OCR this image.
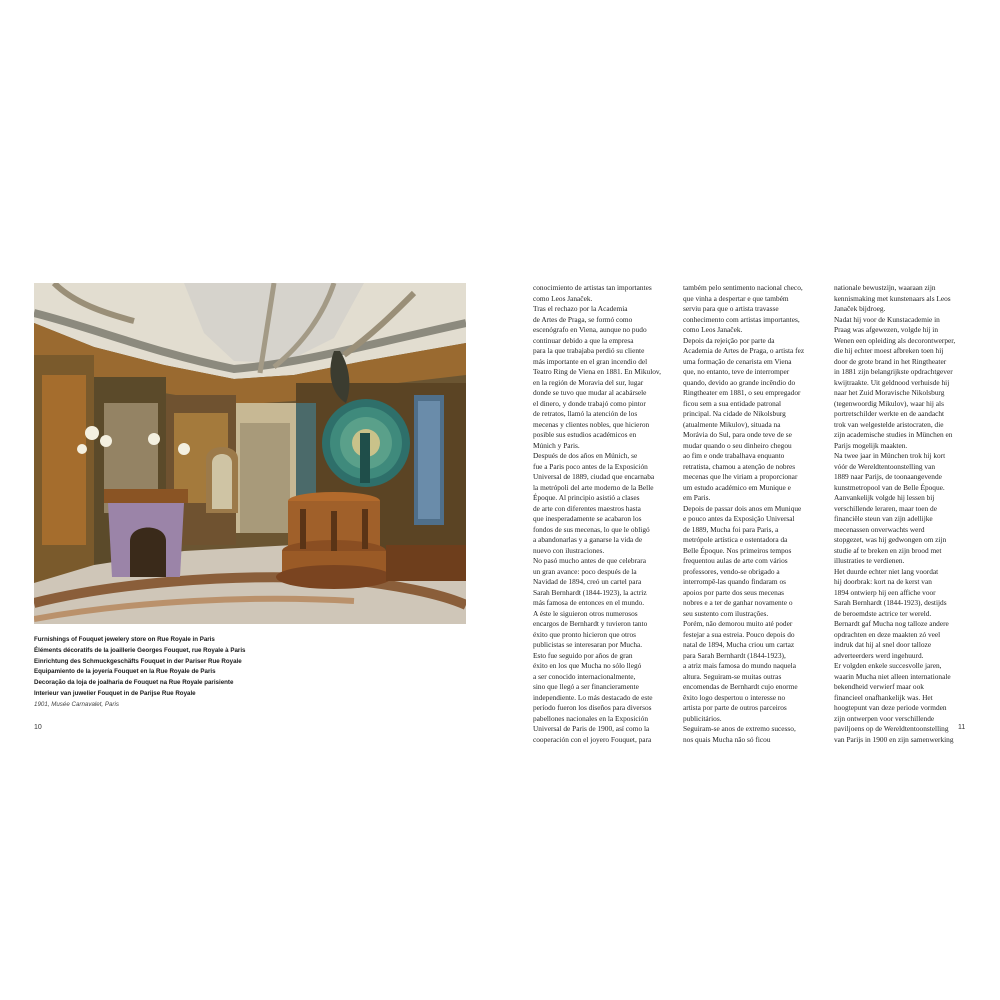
Furnishings of Fouquet jewelery store on Rue Royale in Paris
Éléments décoratifs de la joaillerie Georges Fouquet, rue Royale à Paris
Einrichtung des Schmuckgeschäfts Fouquet in der Pariser Rue Royale
Equipamiento de la joyería Fouquet en la Rue Royale de Paris
Decoração da loja de joalharia de Fouquet na Rue Royale parisiente
Interieur van juwelier Fouquet in de Parijse Rue Royale
1901, Musée Carnavalet, Paris
10	11

conocimiento de artistas tan importantes

como Leos Janaček.

Tras el rechazo por la Academia

de Artes de Praga, se formó como

escenógrafo en Viena, aunque no pudo

continuar debido a que la empresa

para la que trabajaba perdió su cliente

más importante en el gran incendio del

Teatro Ring de Viena en 1881. En Mikulov,

en la región de Moravia del sur, lugar

donde se tuvo que mudar al acabársele

el dinero, y donde trabajó como pintor

de retratos, llamó la atención de los

mecenas y clientes nobles, que hicieron

posible sus estudios académicos en

Múnich y Paris.

Después de dos años en Múnich, se

fue a Paris poco antes de la Exposición

Universal de 1889, ciudad que encarnaba

la metrópoli del arte moderno de la Belle

Époque. Al principio asistió a clases

de arte con diferentes maestros hasta

que inesperadamente se acabaron los

fondos de sus mecenas, lo que le obligó

a abandonarlas y a ganarse la vida de

nuevo con ilustraciones.

No pasó mucho antes de que celebrara

un gran avance: poco después de la

Navidad de 1894, creó un cartel para

Sarah Bernhardt (1844-1923), la actriz

más famosa de entonces en el mundo.

A éste le siguieron otros numerosos

encargos de Bernhardt y tuvieron tanto

éxito que pronto hicieron que otros

publicistas se interesaran por Mucha.

Esto fue seguido por años de gran

éxito en los que Mucha no sólo llegó

a ser conocido internacionalmente,

sino que llegó a ser financieramente

independiente. Lo más destacado de este

período fueron los diseños para diversos

pabellones nacionales en la Exposición

Universal de Paris de 1900, así como la

cooperación con el joyero Fouquet, para

também pelo sentimento nacional checo,

que vinha a despertar e que também

serviu para que o artista travasse

conhecimento com artistas importantes,

como Leos Janaček.

Depois da rejeição por parte da

Academia de Artes de Praga, o artista fez

uma formação de cenarista em Viena

que, no entanto, teve de interromper

quando, devido ao grande incêndio do

Ringtheater em 1881, o seu empregador

ficou sem a sua entidade patronal

principal. Na cidade de Nikolsburg

(atualmente Mikulov), situada na

Morávia do Sul, para onde teve de se

mudar quando o seu dinheiro chegou

ao fim e onde trabalhava enquanto

retratista, chamou a atenção de nobres

mecenas que lhe viriam a proporcionar

um estudo académico em Munique e

em Paris.

Depois de passar dois anos em Munique

e pouco antes da Exposição Universal

de 1889, Mucha foi para Paris, a

metrópole artística e ostentadora da

Belle Époque. Nos primeiros tempos

frequentou aulas de arte com vários

professores, vendo-se obrigado a

interrompê-las quando findaram os

apoios por parte dos seus mecenas

nobres e a ter de ganhar novamente o

seu sustento com ilustrações.

Porém, não demorou muito até poder

festejar a sua estreia. Pouco depois do

natal de 1894, Mucha criou um cartaz

para Sarah Bernhardt (1844-1923),

a atriz mais famosa do mundo naquela

altura. Seguiram-se muitas outras

encomendas de Bernhardt cujo enorme

êxito logo despertou o interesse no

artista por parte de outros parceiros

publicitários.

Seguiram-se anos de extremo sucesso,

nos quais Mucha não só ficou

nationale bewustzijn, waaraan zijn

kennismaking met kunstenaars als Leos

Janaček bijdroeg.

Nadat hij voor de Kunstacademie in

Praag was afgewezen, volgde hij in

Wenen een opleiding als decorontwerper,

die hij echter moest afbreken toen hij

door de grote brand in het Ringtheater

in 1881 zijn belangrijkste opdrachtgever

kwijtraakte. Uit geldnood verhuisde hij

naar het Zuid Moravische Nikolsburg

(tegenwoordig Mikulov), waar hij als

portretschilder werkte en de aandacht

trok van welgestelde aristocraten, die

zijn academische studies in München en

Parijs mogelijk maakten.

Na twee jaar in München trok hij kort

vóór de Wereldtentoonstelling van

1889 naar Parijs, de toonaangevende

kunstmetropool van de Belle Époque.

Aanvankelijk volgde hij lessen bij

verschillende leraren, maar toen de

financiële steun van zijn adellijke

mecenassen onverwachts werd

stopgezet, was hij gedwongen om zijn

studie af te breken en zijn brood met

illustraties te verdienen.

Het duurde echter niet lang voordat

hij doorbrak: kort na de kerst van

1894 ontwierp hij een affiche voor

Sarah Bernhardt (1844-1923), destijds

de beroemdste actrice ter wereld.

Bernardt gaf Mucha nog talloze andere

opdrachten en deze maakten zó veel

indruk dat hij al snel door talloze

adverteerders werd ingehuurd.

Er volgden enkele succesvolle jaren,

waarin Mucha niet alleen internationale

bekendheid verwierf maar ook

financieel onafhankelijk was. Het

hoogtepunt van deze periode vormden

zijn ontwerpen voor verschillende

paviljoens op de Wereldtentoonstelling

van Parijs in 1900 en zijn samenwerking
